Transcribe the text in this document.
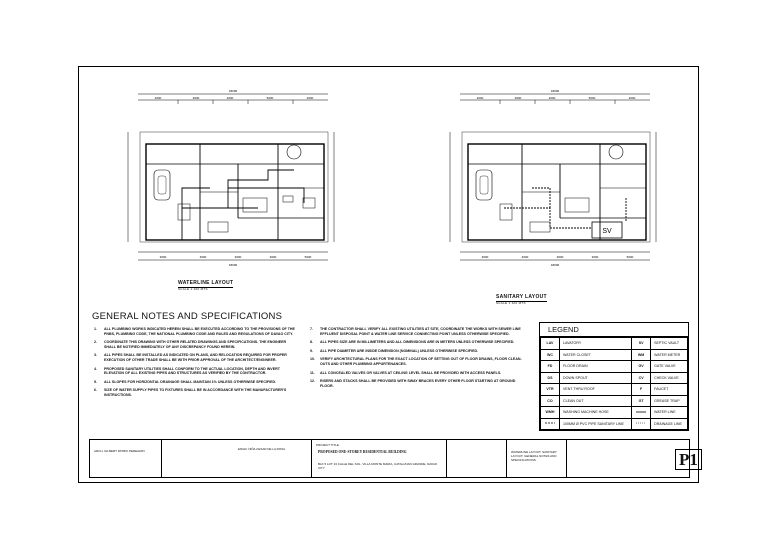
18000
4000	3000	4000	5000	2000
3000	4000	3000	3000	5000
18000
WATERLINE LAYOUT
SCALE 1:100 MTS
SV
18000
4000	3000	4000	5000	2000
3000	4000	3000	3000	5000
18000
SANITARY LAYOUT
SCALE 1:100 MTS
GENERAL NOTES AND SPECIFICATIONS
1.	ALL PLUMBING WORKS INDICATED HEREIN SHALL BE EXECUTED ACCORDING TO THE PROVISIONS OF THE PNBS, PLUMBING CODE, THE NATIONAL PLUMBING CODE AND RULES AND REGULATIONS OF DAVAO CITY.
2.	COORDINATE THIS DRAWING WITH OTHER RELATED DRAWINGS AND SPECIFICATIONS. THE ENGINEER SHALL BE NOTIFIED IMMEDIATELY OF ANY DISCREPANCY FOUND HEREIN.
3.	ALL PIPES SHALL BE INSTALLED AS INDICATED ON PLANS, AND RELOCATION REQUIRED FOR PROPER EXECUTION OF OTHER TRADE SHALL BE WITH PRIOR APPROVAL OF THE ARCHITECT/ENGINEER.
4.	PROPOSED SANITARY UTILITIES SHALL CONFORM TO THE ACTUAL LOCATION, DEPTH AND INVERT ELEVATION OF ALL EXISTING PIPES AND STRUCTURES AS VERIFIED BY THE CONTRACTOR.
5.	ALL SLOPES FOR HORIZONTAL DRAINAGE SHALL MAINTAIN 1% UNLESS OTHERWISE SPECIFIED.
6.	SIZE OF WATER SUPPLY PIPES TO FIXTURES SHALL BE IN ACCORDANCE WITH THE MANUFACTURER'S INSTRUCTIONS.
7.	THE CONTRACTOR SHALL VERIFY ALL EXISTING UTILITIES AT SITE, COORDINATE THE WORKS WITH SEWER LINE EFFLUENT DISPOSAL POINT & WATER LINE SERVICE CONNECTING POINT UNLESS OTHERWISE SPECIFIED.
8.	ALL PIPES SIZE ARE IN MILLIMETERS AND ALL DIMENSIONS ARE IN METERS UNLESS OTHERWISE SPECIFIED.
9.	ALL PIPE DIAMETER ARE INSIDE DIMENSION (NOMINAL) UNLESS OTHERWISE SPECIFIED.
10.	VERIFY ARCHITECTURAL PLANS FOR THE EXACT LOCATION OF SETTING OUT OF FLOOR DRAINS, FLOOR CLEAN-OUTS AND OTHER PLUMBING APPURTENANCES.
11.	ALL CONCEALED VALVES OR VALVES AT CEILING LEVEL SHALL BE PROVIDED WITH ACCESS PANELS.
12.	RISERS AND STACKS SHALL BE PROVIDED WITH SWAY BRACES EVERY OTHER FLOOR STARTING AT GROUND FLOOR.
LEGEND
LAV	LAVATORY	SV	SEPTIC VAULT
WC	WATER CLOSET	WM	WATER METER
FD	FLOOR DRAIN	GV	GATE VALVE
DS	DOWN SPOUT	CV	CHECK VALVE
VTR	VENT THRU ROOF	F	FAUCET
CO	CLEAN OUT	GT	GREASE TRAP
WMH	WASHING MACHINE HOSE		WATER LINE
	100MM Ø PVC PIPE SANITARY LINE		DRAINAGE LINE
ARCH. GILBERT PATRIK PEREGRIN	ENGR. NIÑA CESAR DE LA ROSA
PROJECT TITLE
PROPOSED ONE-STOREY RESIDENTIAL BUILDING
BLK 5 LOT 13 CALLE DEL SOL, VILLA MONTE MARIA, CATALUNAN GRANDE, DAVAO CITY
WATERLINE LAYOUT, SANITARY LAYOUT, GENERAL NOTES AND SPECIFICATIONS	P1
